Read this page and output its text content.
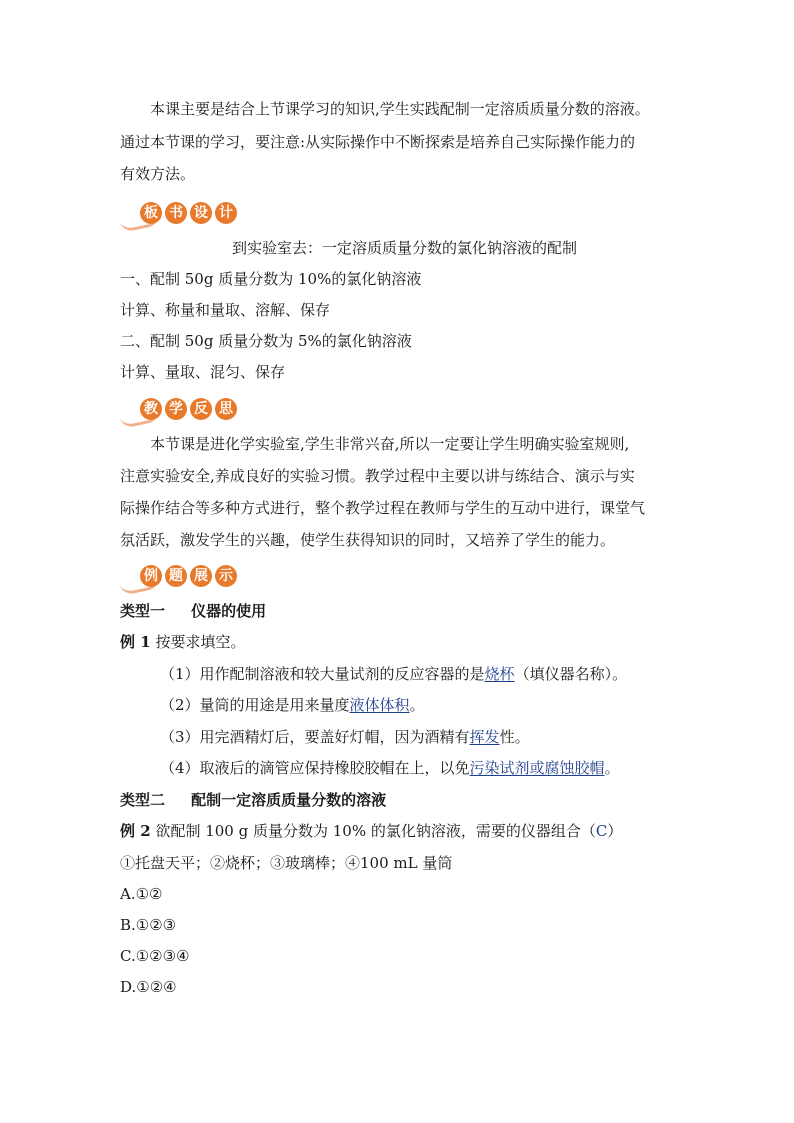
本课主要是结合上节课学习的知识,学生实践配制一定溶质质量分数的溶液。
通过本节课的学习，要注意:从实际操作中不断探索是培养自己实际操作能力的
有效方法。
板 书 设 计
到实验室去：一定溶质质量分数的氯化钠溶液的配制
一、配制 50g 质量分数为 10%的氯化钠溶液
计算、称量和量取、溶解、保存
二、配制 50g 质量分数为 5%的氯化钠溶液
计算、量取、混匀、保存
教 学 反 思
本节课是进化学实验室,学生非常兴奋,所以一定要让学生明确实验室规则,
注意实验安全,养成良好的实验习惯。教学过程中主要以讲与练结合、演示与实
际操作结合等多种方式进行，整个教学过程在教师与学生的互动中进行，课堂气
氛活跃，激发学生的兴趣，使学生获得知识的同时，又培养了学生的能力。
例 题 展 示
类型一     仪器的使用
例 1 按要求填空。
（1）用作配制溶液和较大量试剂的反应容器的是烧杯（填仪器名称）。
（2）量筒的用途是用来量度液体体积。
（3）用完酒精灯后，要盖好灯帽，因为酒精有挥发性。
（4）取液后的滴管应保持橡胶胶帽在上，以免污染试剂或腐蚀胶帽。
类型二     配制一定溶质质量分数的溶液
例 2 欲配制 100 g 质量分数为 10% 的氯化钠溶液，需要的仪器组合（C）
①托盘天平；②烧杯；③玻璃棒；④100 mL 量筒
A.①②
B.①②③
C.①②③④
D.①②④
